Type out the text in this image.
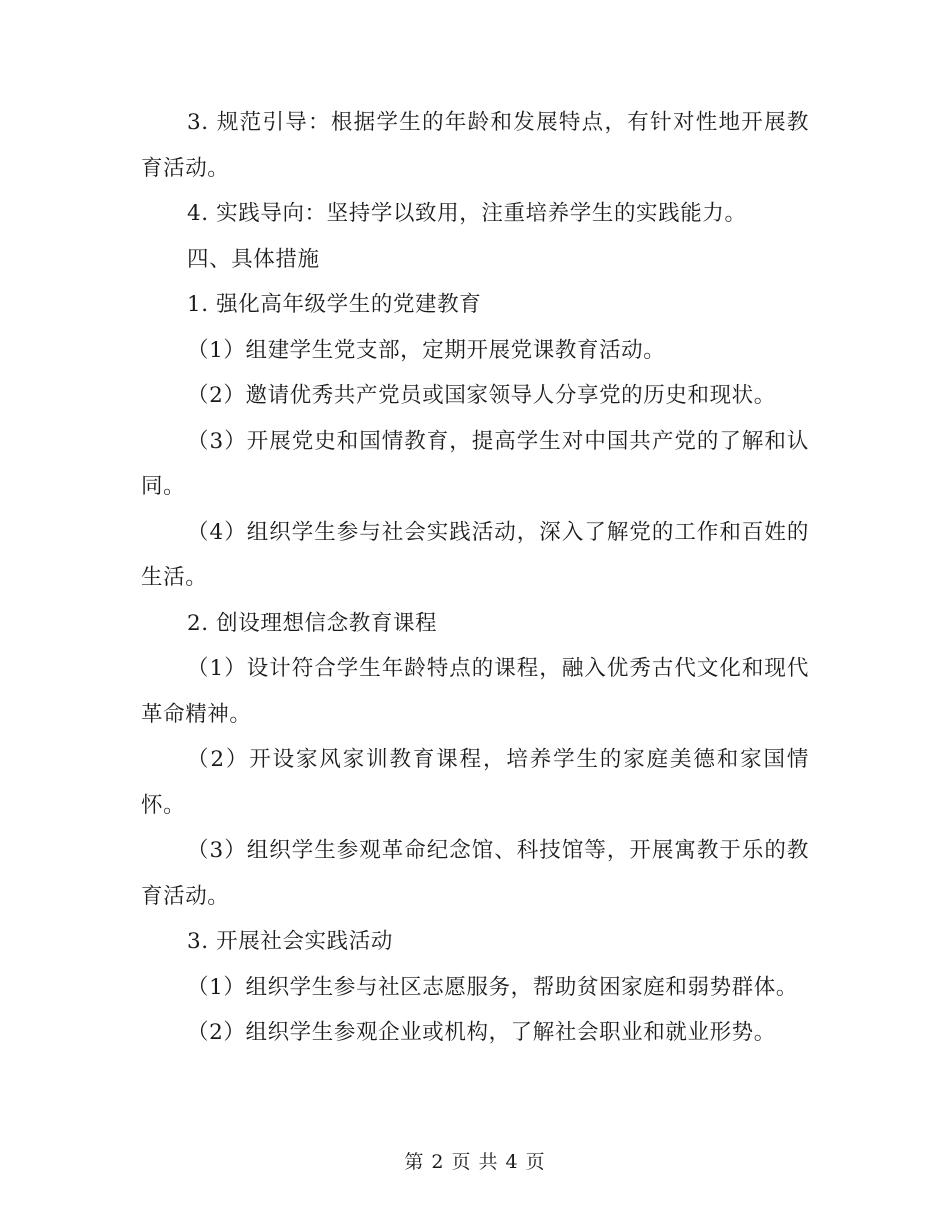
3. 规范引导：根据学生的年龄和发展特点，有针对性地开展教育活动。

4. 实践导向：坚持学以致用，注重培养学生的实践能力。

四、具体措施

1. 强化高年级学生的党建教育

（1）组建学生党支部，定期开展党课教育活动。

（2）邀请优秀共产党员或国家领导人分享党的历史和现状。

（3）开展党史和国情教育，提高学生对中国共产党的了解和认同。

（4）组织学生参与社会实践活动，深入了解党的工作和百姓的生活。

2. 创设理想信念教育课程

（1）设计符合学生年龄特点的课程，融入优秀古代文化和现代革命精神。

（2）开设家风家训教育课程，培养学生的家庭美德和家国情怀。

（3）组织学生参观革命纪念馆、科技馆等，开展寓教于乐的教育活动。

3. 开展社会实践活动

（1）组织学生参与社区志愿服务，帮助贫困家庭和弱势群体。

（2）组织学生参观企业或机构，了解社会职业和就业形势。

第 2 页 共 4 页
